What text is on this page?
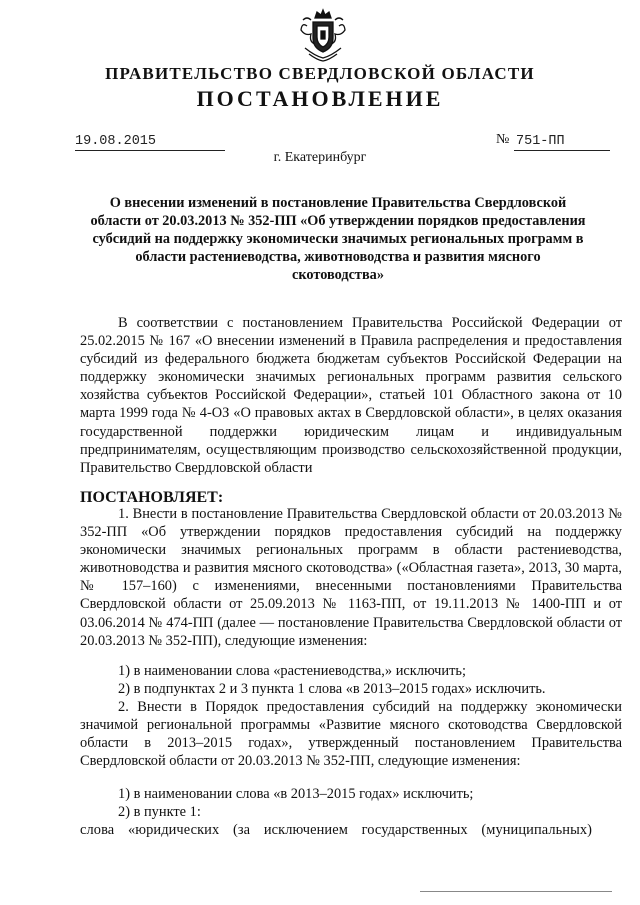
ПРАВИТЕЛЬСТВО СВЕРДЛОВСКОЙ ОБЛАСТИ
ПОСТАНОВЛЕНИЕ
19.08.2015	№ 751-ПП
г. Екатеринбург
О внесении изменений в постановление Правительства Свердловской области от 20.03.2013 № 352-ПП «Об утверждении порядков предоставления субсидий на поддержку экономически значимых региональных программ в области растениеводства, животноводства и развития мясного скотоводства»
В соответствии с постановлением Правительства Российской Федерации от 25.02.2015 № 167 «О внесении изменений в Правила распределения и предоставления субсидий из федерального бюджета бюджетам субъектов Российской Федерации на поддержку экономически значимых региональных программ развития сельского хозяйства субъектов Российской Федерации», статьей 101 Областного закона от 10 марта 1999 года № 4-ОЗ «О правовых актах в Свердловской области», в целях оказания государственной поддержки юридическим лицам и индивидуальным предпринимателям, осуществляющим производство сельскохозяйственной продукции, Правительство Свердловской области
ПОСТАНОВЛЯЕТ:
1. Внести в постановление Правительства Свердловской области от 20.03.2013 № 352-ПП «Об утверждении порядков предоставления субсидий на поддержку экономически значимых региональных программ в области растениеводства, животноводства и развития мясного скотоводства» («Областная газета», 2013, 30 марта, № 157–160) с изменениями, внесенными постановлениями Правительства Свердловской области от 25.09.2013 № 1163-ПП, от 19.11.2013 № 1400-ПП и от 03.06.2014 № 474-ПП (далее — постановление Правительства Свердловской области от 20.03.2013 № 352-ПП), следующие изменения:
1) в наименовании слова «растениеводства,» исключить;
2) в подпунктах 2 и 3 пункта 1 слова «в 2013–2015 годах» исключить.
2. Внести в Порядок предоставления субсидий на поддержку экономически значимой региональной программы «Развитие мясного скотоводства Свердловской области в 2013–2015 годах», утвержденный постановлением Правительства Свердловской области от 20.03.2013 № 352-ПП, следующие изменения:
1) в наименовании слова «в 2013–2015 годах» исключить;
2) в пункте 1:
слова «юридических (за исключением государственных (муниципальных)
